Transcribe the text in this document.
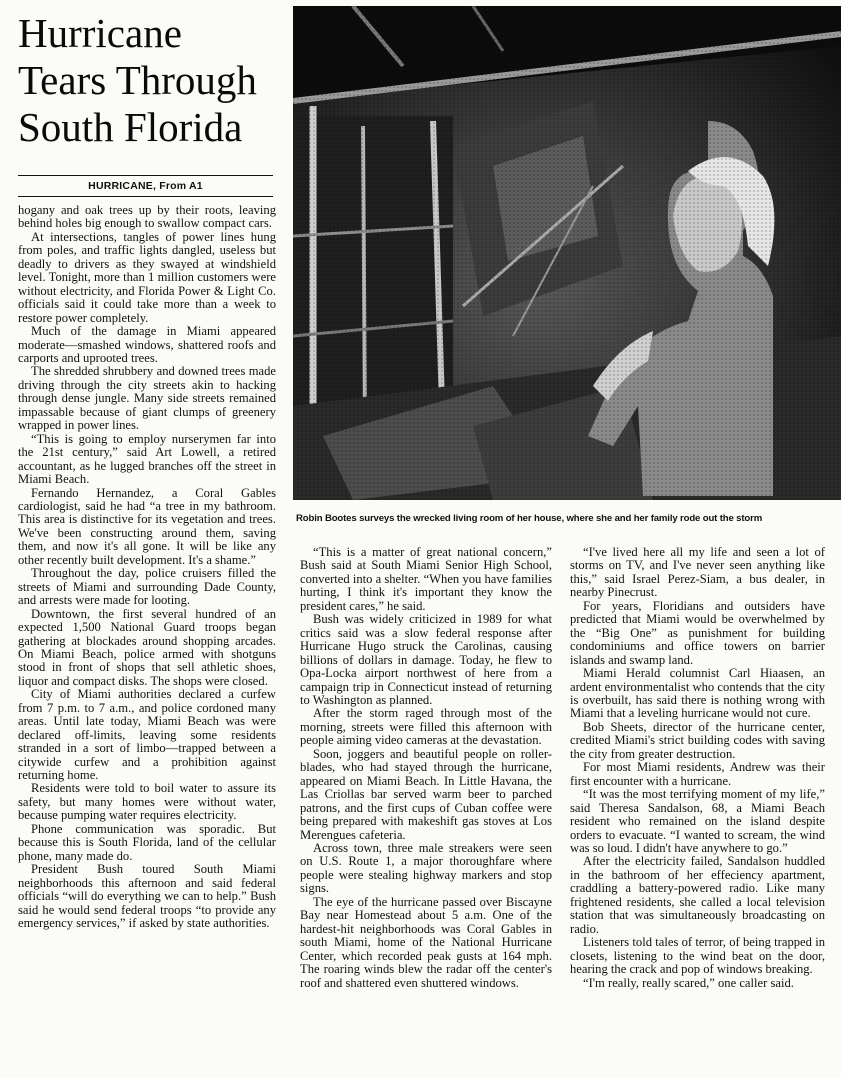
Hurricane
Tears Through
South Florida
HURRICANE, From A1

hogany and oak trees up by their roots, leaving behind holes big enough to swallow compact cars.

At intersections, tangles of power lines hung from poles, and traffic lights dangled, useless but deadly to drivers as they swayed at windshield level. Tonight, more than 1 million customers were without electricity, and Florida Power & Light Co. officials said it could take more than a week to restore power completely.

Much of the damage in Miami appeared moderate—smashed windows, shattered roofs and carports and uprooted trees.

The shredded shrubbery and downed trees made driving through the city streets akin to hacking through dense jungle. Many side streets remained impassable because of giant clumps of greenery wrapped in power lines.

“This is going to employ nurserymen far into the 21st century,” said Art Lowell, a retired accountant, as he lugged branches off the street in Miami Beach.

Fernando Hernandez, a Coral Gables cardiologist, said he had “a tree in my bathroom. This area is distinctive for its vegetation and trees. We've been constructing around them, saving them, and now it's all gone. It will be like any other recently built development. It's a shame.”

Throughout the day, police cruisers filled the streets of Miami and surrounding Dade County, and arrests were made for looting.

Downtown, the first several hundred of an expected 1,500 National Guard troops began gathering at blockades around shopping arcades. On Miami Beach, police armed with shotguns stood in front of shops that sell athletic shoes, liquor and compact disks. The shops were closed.

City of Miami authorities declared a curfew from 7 p.m. to 7 a.m., and police cordoned many areas. Until late today, Miami Beach was were declared off-limits, leaving some residents stranded in a sort of limbo—trapped between a citywide curfew and a prohibition against returning home.

Residents were told to boil water to assure its safety, but many homes were without water, because pumping water requires electricity.

Phone communication was sporadic. But because this is South Florida, land of the cellular phone, many made do.

President Bush toured South Miami neighborhoods this afternoon and said federal officials “will do everything we can to help.” Bush said he would send federal troops “to provide any emergency services,” if asked by state authorities.

Robin Bootes surveys the wrecked living room of her house, where she and her family rode out the storm

“This is a matter of great national concern,” Bush said at South Miami Senior High School, converted into a shelter. “When you have families hurting, I think it's important they know the president cares,” he said.

Bush was widely criticized in 1989 for what critics said was a slow federal response after Hurricane Hugo struck the Carolinas, causing billions of dollars in damage. Today, he flew to Opa-Locka airport northwest of here from a campaign trip in Connecticut instead of returning to Washington as planned.

After the storm raged through most of the morning, streets were filled this afternoon with people aiming video cameras at the devastation.

Soon, joggers and beautiful people on roller-blades, who had stayed through the hurricane, appeared on Miami Beach. In Little Havana, the Las Criollas bar served warm beer to parched patrons, and the first cups of Cuban coffee were being prepared with makeshift gas stoves at Los Merengues cafeteria.

Across town, three male streakers were seen on U.S. Route 1, a major thoroughfare where people were stealing highway markers and stop signs.

The eye of the hurricane passed over Biscayne Bay near Homestead about 5 a.m. One of the hardest-hit neighborhoods was Coral Gables in south Miami, home of the National Hurricane Center, which recorded peak gusts at 164 mph. The roaring winds blew the radar off the center's roof and shattered even shuttered windows.

“I've lived here all my life and seen a lot of storms on TV, and I've never seen anything like this,” said Israel Perez-Siam, a bus dealer, in nearby Pinecrust.

For years, Floridians and outsiders have predicted that Miami would be overwhelmed by the “Big One” as punishment for building condominiums and office towers on barrier islands and swamp land.

Miami Herald columnist Carl Hiaasen, an ardent environmentalist who contends that the city is overbuilt, has said there is nothing wrong with Miami that a leveling hurricane would not cure.

Bob Sheets, director of the hurricane center, credited Miami's strict building codes with saving the city from greater destruction.

For most Miami residents, Andrew was their first encounter with a hurricane.

“It was the most terrifying moment of my life,” said Theresa Sandalson, 68, a Miami Beach resident who remained on the island despite orders to evacuate. “I wanted to scream, the wind was so loud. I didn't have anywhere to go.”

After the electricity failed, Sandalson huddled in the bathroom of her effeciency apartment, craddling a battery-powered radio. Like many frightened residents, she called a local television station that was simultaneously broadcasting on radio.

Listeners told tales of terror, of being trapped in closets, listening to the wind beat on the door, hearing the crack and pop of windows breaking.

“I'm really, really scared,” one caller said.
